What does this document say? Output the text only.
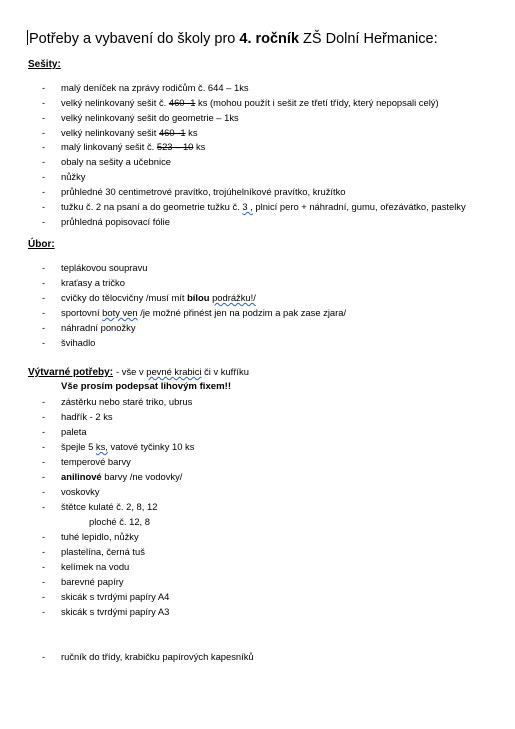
Potřeby a vybavení do školy pro 4. ročník ZŠ Dolní Heřmanice:
Sešity:
- malý deníček na zprávy rodičům č. 644 – 1ks
- velký nelinkovaný sešit č. 460 -1 ks (mohou použít i sešit ze třetí třídy, který nepopsali celý)
- velký nelinkovaný sešit do geometrie – 1ks
- velký nelinkovaný sešit 460 -1 ks
- malý linkovaný sešit č. 523 – 10 ks
- obaly na sešity a učebnice
- nůžky
- průhledné 30 centimetrové pravítko, trojúhelníkové pravítko, kružítko
- tužku č. 2 na psaní a do geometrie tužku č. 3 , plnicí pero + náhradní, gumu, ořezávátko, pastelky
- průhledná popisovací fólie
Úbor:
- teplákovou soupravu
- kraťasy a tričko
- cvičky do tělocvičny /musí mít bílou podrážku!/
- sportovní boty ven /je možné přinést jen na podzim a pak zase zjara/
- náhradní ponožky
- švihadlo
Výtvarné potřeby: - vše v pevné krabici či v kufříku
Vše prosím podepsat lihovým fixem!!
- zástěrku nebo staré triko, ubrus
- hadřík - 2 ks
- paleta
- špejle 5 ks, vatové tyčinky 10 ks
- temperové barvy
- anilinové barvy /ne vodovky/
- voskovky
- štětce kulaté č. 2, 8, 12
ploché č. 12, 8
- tuhé lepidlo, nůžky
- plastelína, černá tuš
- kelímek na vodu
- barevné papíry
- skicák s tvrdými papíry A4
- skicák s tvrdými papíry A3
- ručník do třídy, krabičku papírových kapesníků
